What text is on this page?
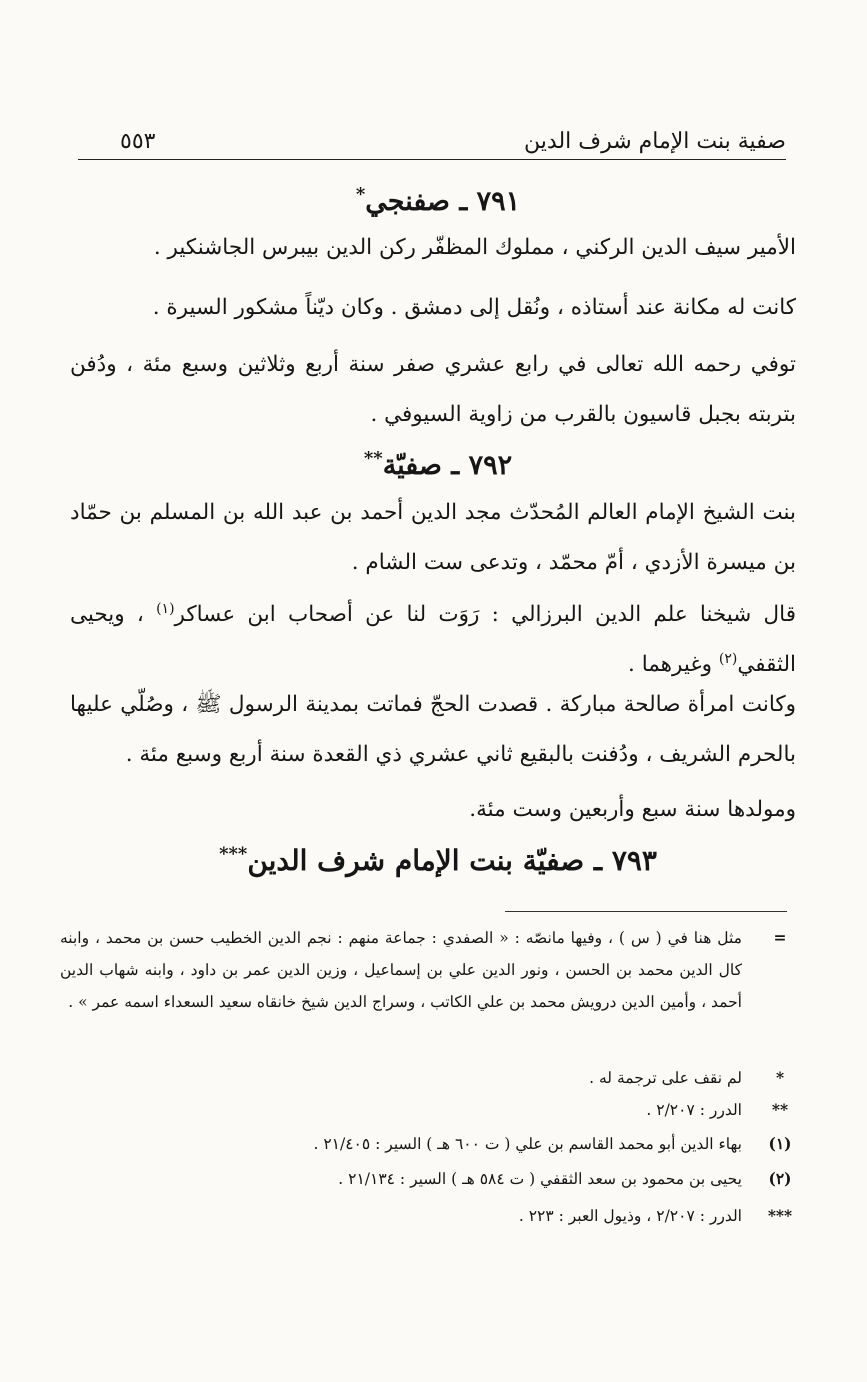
صفية بنت الإمام شرف الدين
٥٥٣
٧٩١ ـ صفنجي*

الأمير سيف الدين الركني ، مملوك المظفّر ركن الدين بيبرس الجاشنكير .

كانت له مكانة عند أستاذه ، ونُقل إلى دمشق . وكان ديّناً مشكور السيرة .

توفي رحمه الله تعالى في رابع عشري صفر سنة أربع وثلاثين وسبع مئة ، ودُفن بتربته بجبل قاسيون بالقرب من زاوية السيوفي .

٧٩٢ ـ صفيّة**

بنت الشيخ الإمام العالم المُحدّث مجد الدين أحمد بن عبد الله بن المسلم بن حمّاد بن ميسرة الأزدي ، أمّ محمّد ، وتدعى ست الشام .

قال شيخنا علم الدين البرزالي : رَوَت لنا عن أصحاب ابن عساكر$^{(١)}$ ، ويحيى الثقفي$^{(٢)}$ وغيرهما .

وكانت امرأة صالحة مباركة . قصدت الحجّ فماتت بمدينة الرسول ﷺ ، وصُلّي عليها بالحرم الشريف ، ودُفنت بالبقيع ثاني عشري ذي القعدة سنة أربع وسبع مئة .

ومولدها سنة سبع وأربعين وست مئة.

٧٩٣ ـ صفيّة بنت الإمام شرف الدين***
=
مثل هنا في ( س ) ، وفيها مانصّه : « الصفدي : جماعة منهم : نجم الدين الخطيب حسن بن محمد ، وابنه كال الدين محمد بن الحسن ، ونور الدين علي بن إسماعيل ، وزين الدين عمر بن داود ، وابنه شهاب الدين أحمد ، وأمين الدين درويش محمد بن علي الكاتب ، وسراج الدين شيخ خانقاه سعيد السعداء اسمه عمر » .
*
لم نقف على ترجمة له .
**
الدرر : ٢/٢٠٧ .
(١)
بهاء الدين أبو محمد القاسم بن علي ( ت ٦٠٠ هـ ) السير : ٢١/٤٠٥ .
(٢)
يحيى بن محمود بن سعد الثقفي ( ت ٥٨٤ هـ ) السير : ٢١/١٣٤ .
***
الدرر : ٢/٢٠٧ ، وذيول العبر : ٢٢٣ .
